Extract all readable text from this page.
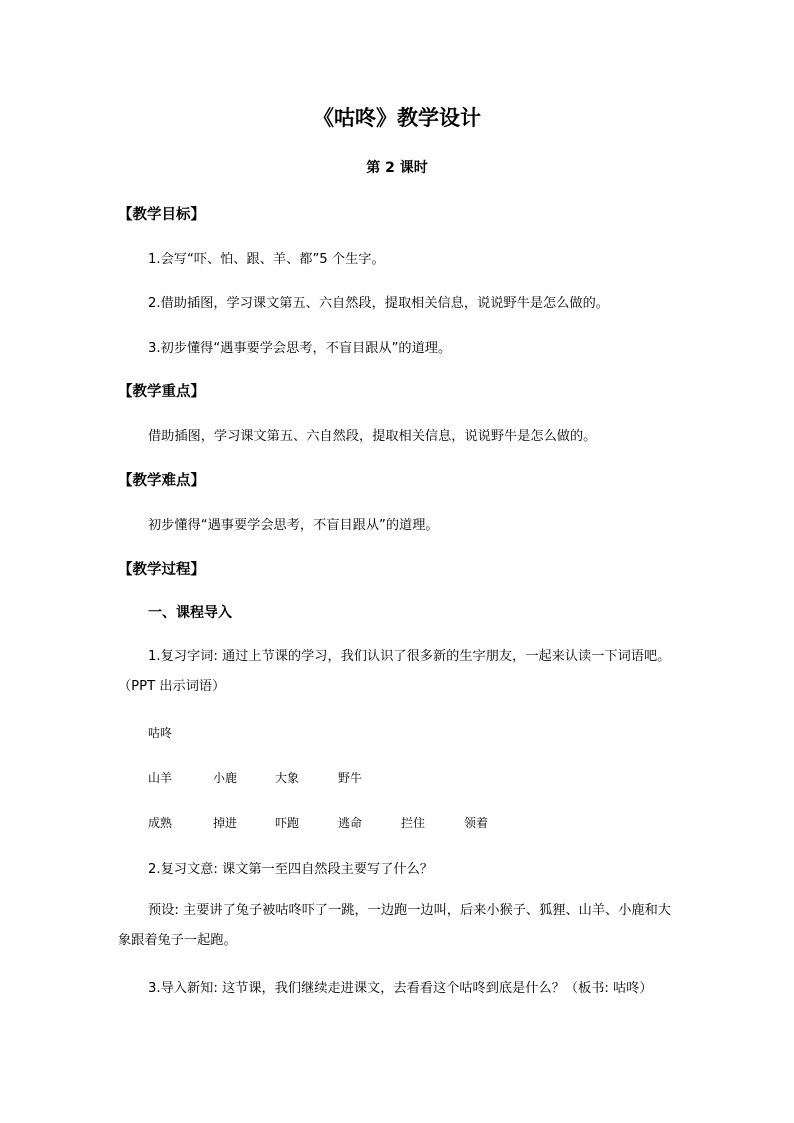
《咕咚》教学设计
第 2 课时
【教学目标】
1.会写“吓、怕、跟、羊、都”5 个生字。
2.借助插图，学习课文第五、六自然段，提取相关信息，说说野牛是怎么做的。
3.初步懂得“遇事要学会思考，不盲目跟从”的道理。
【教学重点】
借助插图，学习课文第五、六自然段，提取相关信息，说说野牛是怎么做的。
【教学难点】
初步懂得“遇事要学会思考，不盲目跟从”的道理。
【教学过程】
一、课程导入
1.复习字词: 通过上节课的学习，我们认识了很多新的生字朋友，一起来认读一下词语吧。（PPT 出示词语）
咕咚
山羊	小鹿	大象	野牛
成熟	掉进	吓跑	逃命	拦住	领着
2.复习文意: 课文第一至四自然段主要写了什么？
预设: 主要讲了兔子被咕咚吓了一跳，一边跑一边叫，后来小猴子、狐狸、山羊、小鹿和大象跟着兔子一起跑。
3.导入新知: 这节课，我们继续走进课文，去看看这个咕咚到底是什么？（板书: 咕咚）
